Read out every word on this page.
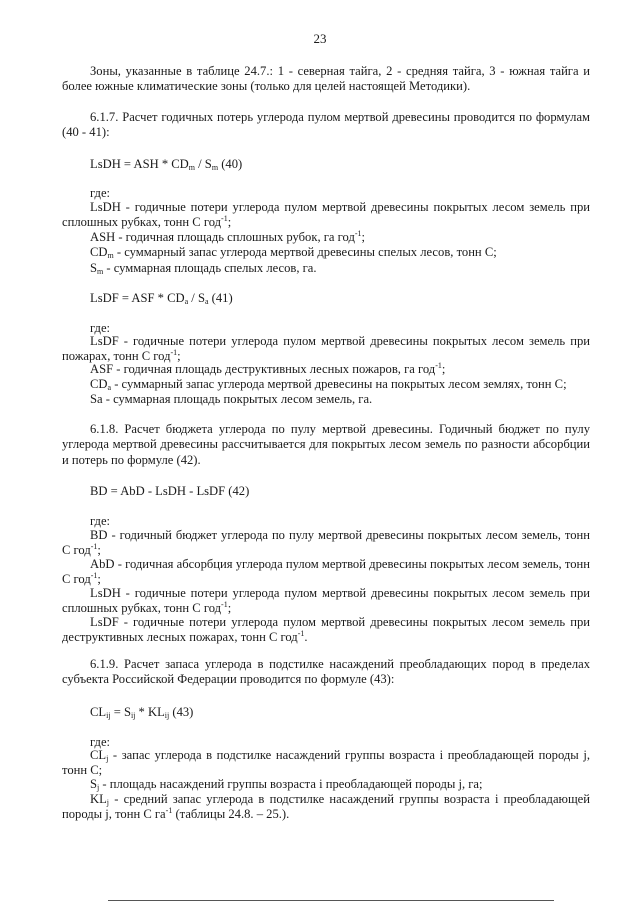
23
Зоны, указанные в таблице 24.7.: 1 - северная тайга, 2 - средняя тайга, 3 - южная тайга и более южные климатические зоны (только для целей настоящей Методики).
6.1.7. Расчет годичных потерь углерода пулом мертвой древесины проводится по формулам (40 - 41):
LsDH = ASH * $CD_m / S_m$ (40)
где:
LsDH - годичные потери углерода пулом мертвой древесины покрытых лесом земель при сплошных рубках, тонн С год$^{-1}$;
ASH - годичная площадь сплошных рубок, га год$^{-1}$;
$CD_m$ - суммарный запас углерода мертвой древесины спелых лесов, тонн С;
$S_m$ - суммарная площадь спелых лесов, га.
LsDF = ASF * $CD_a / S_a$ (41)
где:
LsDF - годичные потери углерода пулом мертвой древесины покрытых лесом земель при пожарах, тонн С год$^{-1}$;
ASF - годичная площадь деструктивных лесных пожаров, га год$^{-1}$;
$CD_a$ - суммарный запас углерода мертвой древесины на покрытых лесом землях, тонн С;
Sa - суммарная площадь покрытых лесом земель, га.
6.1.8. Расчет бюджета углерода по пулу мертвой древесины. Годичный бюджет по пулу углерода мертвой древесины рассчитывается для покрытых лесом земель по разности абсорбции и потерь по формуле (42).
BD = AbD - LsDH - LsDF (42)
где:
BD - годичный бюджет углерода по пулу мертвой древесины покрытых лесом земель, тонн С год$^{-1}$;
AbD - годичная абсорбция углерода пулом мертвой древесины покрытых лесом земель, тонн С год$^{-1}$;
LsDH - годичные потери углерода пулом мертвой древесины покрытых лесом земель при сплошных рубках, тонн С год$^{-1}$;
LsDF - годичные потери углерода пулом мертвой древесины покрытых лесом земель при деструктивных лесных пожарах, тонн С год$^{-1}$.
6.1.9. Расчет запаса углерода в подстилке насаждений преобладающих пород в пределах субъекта Российской Федерации проводится по формуле (43):
$CL_{ij} = S_{ij} * KL_{ij}$ (43)
где:
$CL_j$ - запас углерода в подстилке насаждений группы возраста i преобладающей породы j, тонн С;
$S_j$ - площадь насаждений группы возраста i преобладающей породы j, га;
$KL_j$ - средний запас углерода в подстилке насаждений группы возраста i преобладающей породы j, тонн С $га^{-1}$ (таблицы 24.8. – 25.).
